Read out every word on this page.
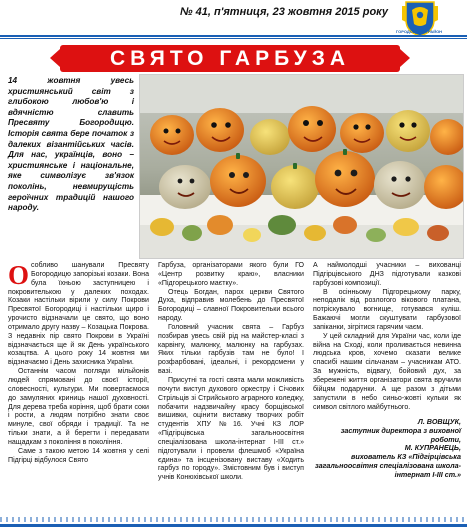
№ 41, п'ятниця, 23 жовтня 2015 року
ГОРОДОЦЬКИЙ РАЙОН
СВЯТО ГАРБУЗА
14 жовтня увесь християнський світ з глибокою любов'ю і вдячністю славить Пресвяту Богородицю. Історія свята бере початок з далеких візантійських часів. Для нас, українців, воно – християнське і національне, яке символізує зв'язок поколінь, невмирущість героїчних традицій нашого народу.

Особливо шанували Пресвяту Богородицю запорізькі козаки. Вона була їхньою заступницею і покровителькою у далеких походах. Козаки настільки вірили у силу Покрови Пресвятої Богородиці і настільки щиро і урочисто відзначали це свято, що воно отримало другу назву – Козацька Покрова. З недавніх пір свято Покрови в Україні відзначається ще й як День українського козацтва. А цього року 14 жовтня ми відзначаємо і День захисника України.

Останнім часом погляди мільйонів людей спрямовані до своєї історії, словесності, культури. Ми повертаємося до замуляних криниць нашої духовності. Для дерева треба коріння, щоб брати соки і рости, а людям потрібно знати своє минуле, свої обряди і традиції. Та не тільки знати, а й берегти і передавати нащадкам з покоління в покоління.

Саме з такою метою 14 жовтня у селі Підгірці відбулося Свято

Гарбуза, організаторами якого були ГО «Центр розвитку краю», власники «Підгорецького маєтку».

Отець Богдан, парох церкви Святого Духа, відправив молебень до Пресвятої Богородиці – славної Покровительки всього народу.

Головний учасник свята – Гарбуз позбирав увесь свій рід на майстер-класі з карвінгу, малюнку, малюнку на гарбузах. Яких тільки гарбузів там не було! І розфарбовані, ідеальні, і рекордсмени у вазі.

Присутні та гості свята мали можливість почути виступ духового оркестру і Січових Стрільців зі Стрийського аграрного коледжу, побачити надзвичайну красу борщівської вишивки, оцінити виставку творчих робіт студентів ХПУ №16. Учні КЗ ЛОР «Підгірцівська загальноосвітня спеціалізована школа-інтернат І-ІІІ ст.» підготували і провели флешмоб «Україна єдина» та інсценізовану виставу «Ходить гарбуз по городу». Змістовним був і виступ учнів Конюхівської школи.

А наймолодші учасники – вихованці Підгірцівського ДНЗ підготували казкові гарбузові композиції.

В осінньому Підгорецькому парку, неподалік від розлогого вікового платана, потріскувало вогнище, готувався куліш. Бажаючі могли скуштувати гарбузової запіканки, зігрітися гарячим чаєм.

У цей складний для України час, коли іде війна на Сході, коли проливається невинна людська кров, хочемо сказати велике спасибі нашим сільчанам – учасникам АТО. За мужність, відвагу, бойовий дух, за збережені життя організатори свята вручили бійцям подарунки. А ще разом з дітьми запустили в небо синьо-жовті кульки як символ світлого майбутнього.

Л. ВОВЩУК,
заступник директора з виховної роботи,
М. КУПРАНЕЦЬ,
вихователь КЗ «Підгірцівська загальноосвітня спеціалізована школа-інтернат І-ІІІ ст.»
